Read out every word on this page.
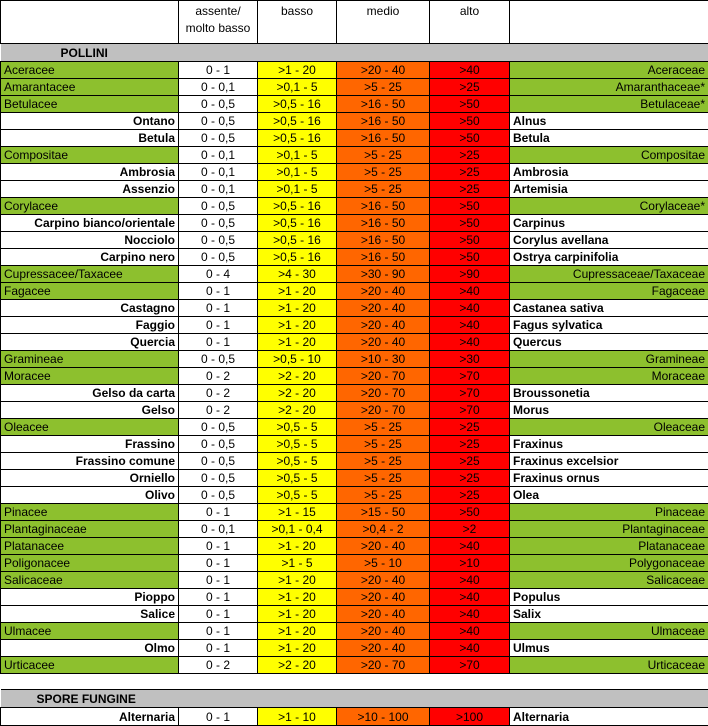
	assente/ molto basso	basso	medio	alto	
POLLINI					
Aceracee	0 - 1	>1 - 20	>20 - 40	>40	Aceraceae
Amarantacee	0 - 0,1	>0,1 - 5	>5 - 25	>25	Amaranthaceae*
Betulacee	0 - 0,5	>0,5 - 16	>16 - 50	>50	Betulaceae*
Ontano	0 - 0,5	>0,5 - 16	>16 - 50	>50	Alnus
Betula	0 - 0,5	>0,5 - 16	>16 - 50	>50	Betula
Compositae	0 - 0,1	>0,1 - 5	>5 - 25	>25	Compositae
Ambrosia	0 - 0,1	>0,1 - 5	>5 - 25	>25	Ambrosia
Assenzio	0 - 0,1	>0,1 - 5	>5 - 25	>25	Artemisia
Corylacee	0 - 0,5	>0,5 - 16	>16 - 50	>50	Corylaceae*
Carpino bianco/orientale	0 - 0,5	>0,5 - 16	>16 - 50	>50	Carpinus
Nocciolo	0 - 0,5	>0,5 - 16	>16 - 50	>50	Corylus avellana
Carpino nero	0 - 0,5	>0,5 - 16	>16 - 50	>50	Ostrya carpinifolia
Cupressacee/Taxacee	0 - 4	>4 - 30	>30 - 90	>90	Cupressaceae/Taxaceae
Fagacee	0 - 1	>1 - 20	>20 - 40	>40	Fagaceae
Castagno	0 - 1	>1 - 20	>20 - 40	>40	Castanea sativa
Faggio	0 - 1	>1 - 20	>20 - 40	>40	Fagus sylvatica
Quercia	0 - 1	>1 - 20	>20 - 40	>40	Quercus
Gramineae	0 - 0,5	>0,5 - 10	>10 - 30	>30	Gramineae
Moracee	0 - 2	>2 - 20	>20 - 70	>70	Moraceae
Gelso da carta	0 - 2	>2 - 20	>20 - 70	>70	Broussonetia
Gelso	0 - 2	>2 - 20	>20 - 70	>70	Morus
Oleacee	0 - 0,5	>0,5 - 5	>5 - 25	>25	Oleaceae
Frassino	0 - 0,5	>0,5 - 5	>5 - 25	>25	Fraxinus
Frassino comune	0 - 0,5	>0,5 - 5	>5 - 25	>25	Fraxinus excelsior
Orniello	0 - 0,5	>0,5 - 5	>5 - 25	>25	Fraxinus ornus
Olivo	0 - 0,5	>0,5 - 5	>5 - 25	>25	Olea
Pinacee	0 - 1	>1 - 15	>15 - 50	>50	Pinaceae
Plantaginaceae	0 - 0,1	>0,1 - 0,4	>0,4 - 2	>2	Plantaginaceae
Platanacee	0 - 1	>1 - 20	>20 - 40	>40	Platanaceae
Poligonacee	0 - 1	>1 - 5	>5 - 10	>10	Polygonaceae
Salicaceae	0 - 1	>1 - 20	>20 - 40	>40	Salicaceae
Pioppo	0 - 1	>1 - 20	>20 - 40	>40	Populus
Salice	0 - 1	>1 - 20	>20 - 40	>40	Salix
Ulmacee	0 - 1	>1 - 20	>20 - 40	>40	Ulmaceae
Olmo	0 - 1	>1 - 20	>20 - 40	>40	Ulmus
Urticacee	0 - 2	>2 - 20	>20 - 70	>70	Urticaceae

SPORE FUNGINE					
Alternaria	0 - 1	>1 - 10	>10 - 100	>100	Alternaria
